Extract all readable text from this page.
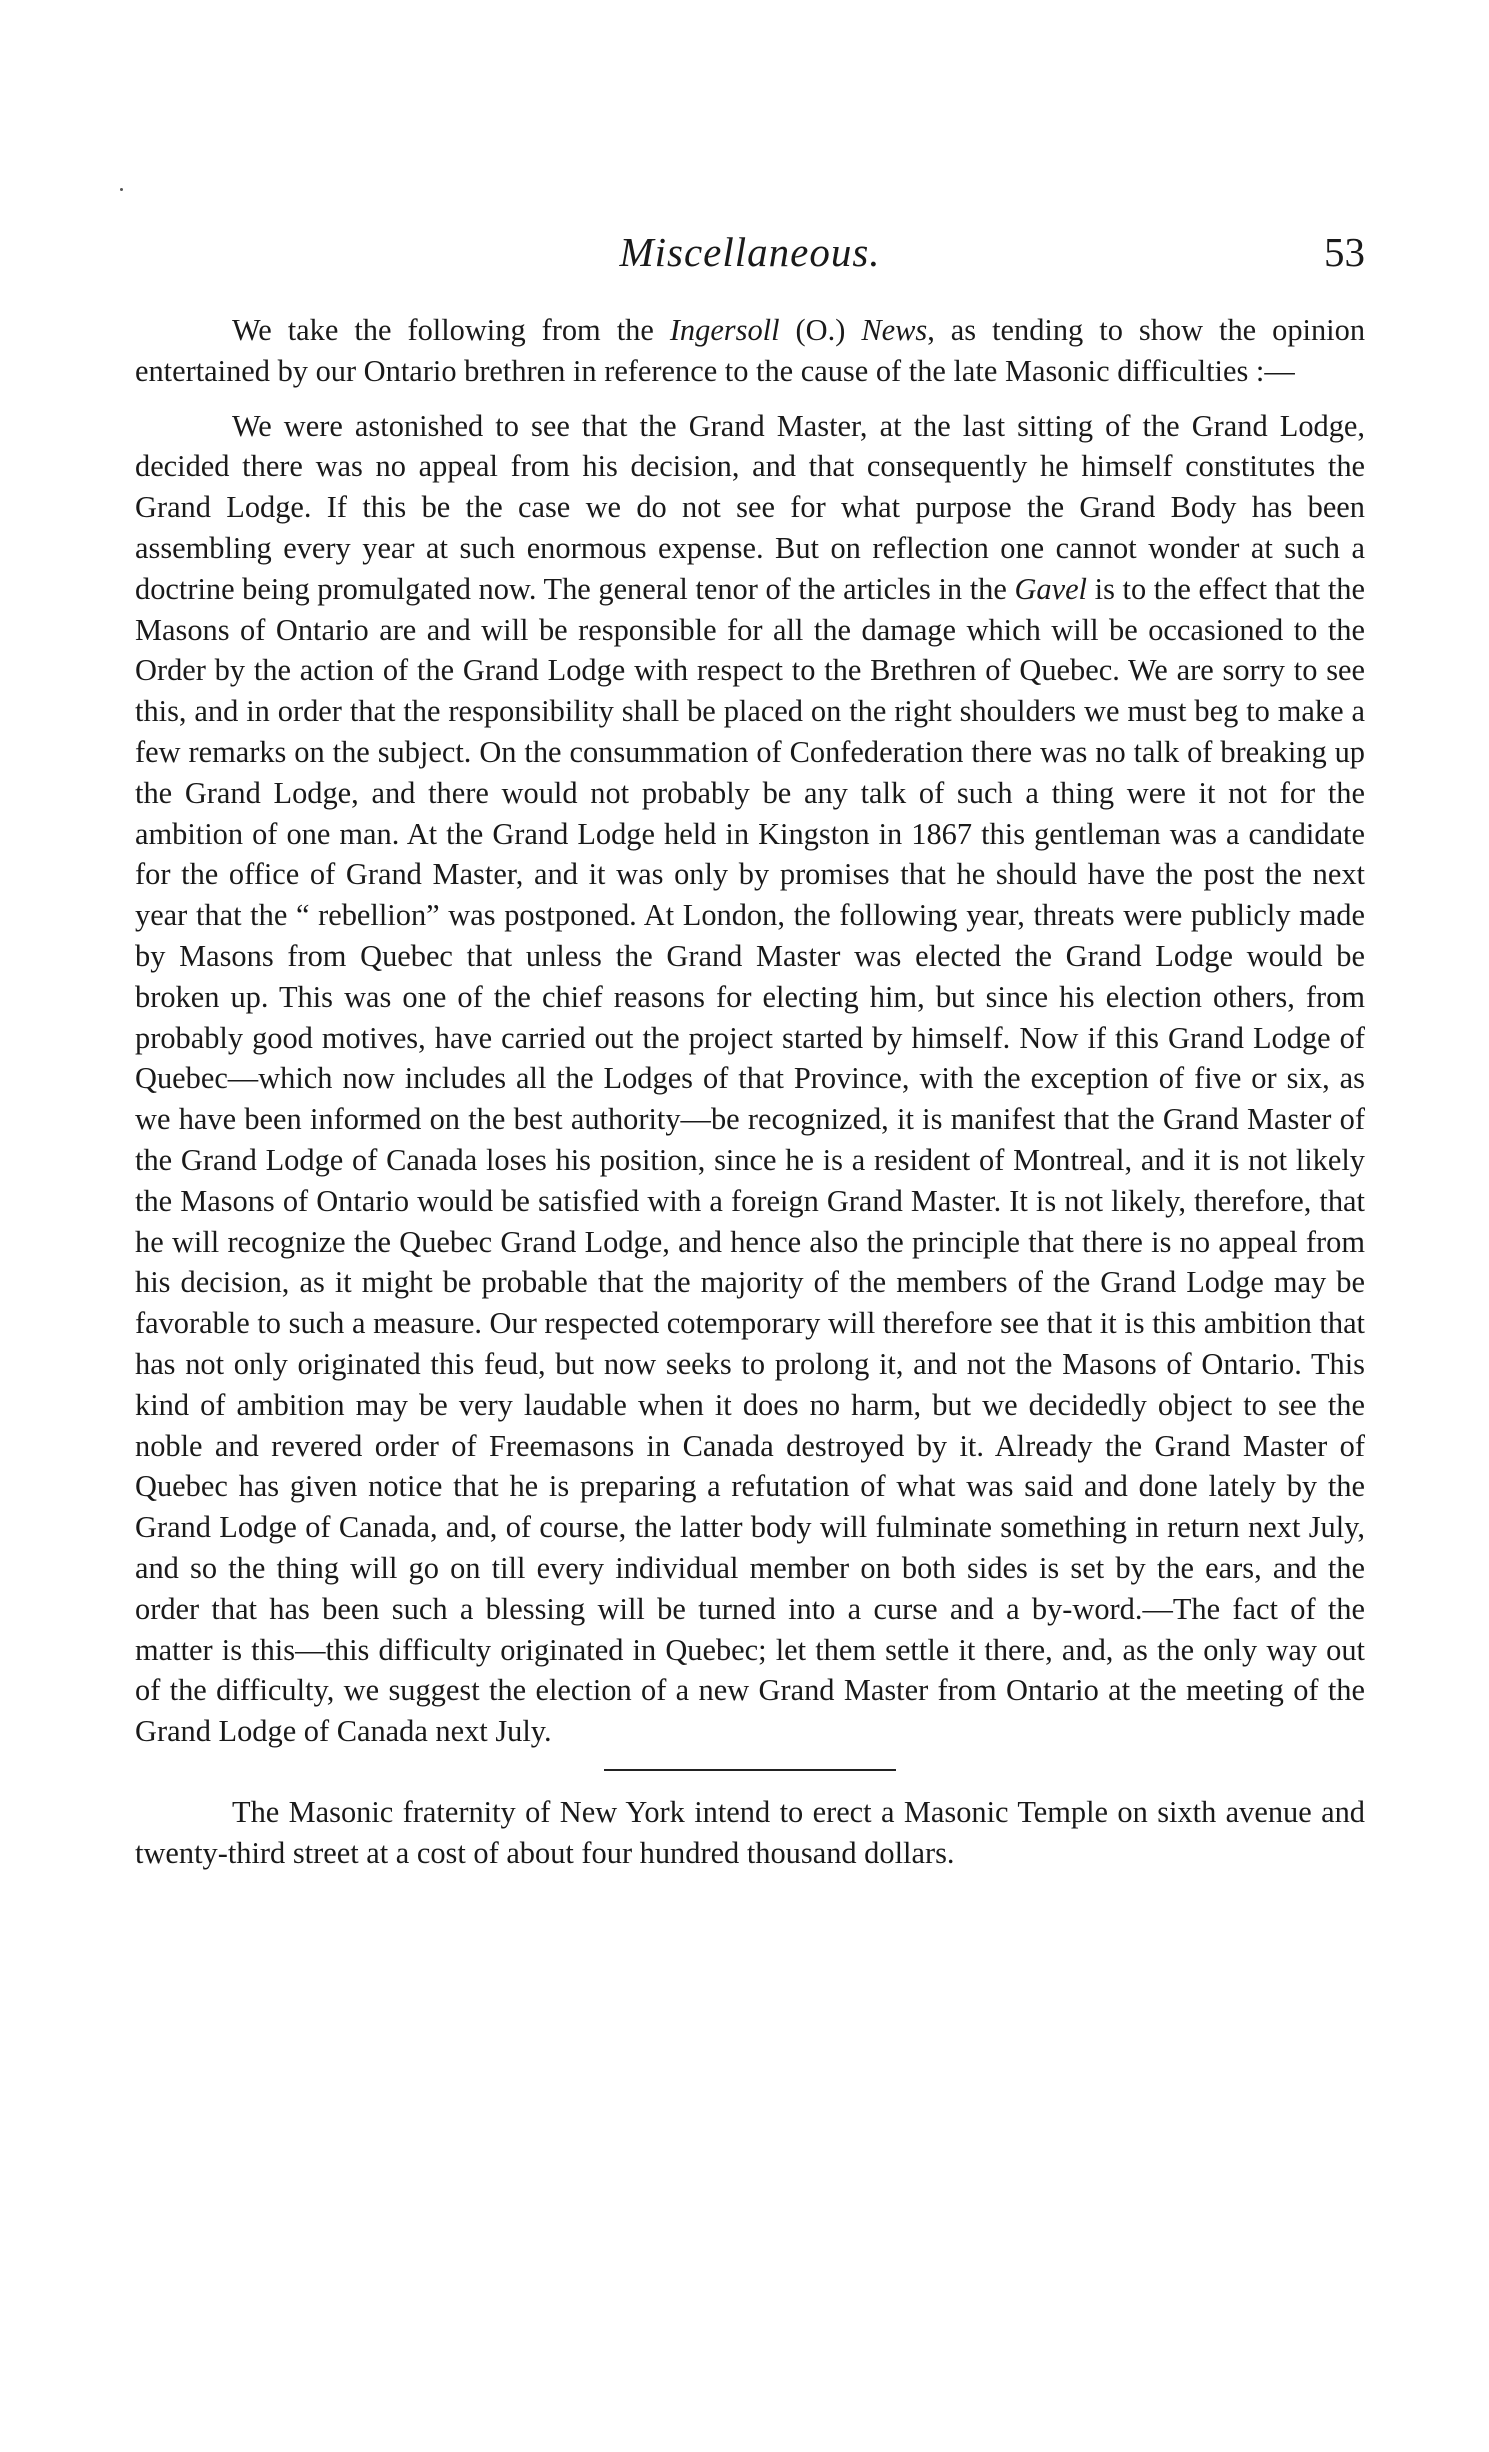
Miscellaneous.	53

We take the following from the Ingersoll (O.) News, as tending to show the opinion entertained by our Ontario brethren in reference to the cause of the late Masonic difficulties :—

We were astonished to see that the Grand Master, at the last sitting of the Grand Lodge, decided there was no appeal from his decision, and that consequently he himself constitutes the Grand Lodge. If this be the case we do not see for what purpose the Grand Body has been assembling every year at such enormous expense. But on reflection one cannot wonder at such a doctrine being promulgated now. The general tenor of the articles in the Gavel is to the effect that the Masons of Ontario are and will be responsible for all the damage which will be occasioned to the Order by the action of the Grand Lodge with respect to the Brethren of Quebec. We are sorry to see this, and in order that the responsibility shall be placed on the right shoulders we must beg to make a few remarks on the subject. On the consummation of Confederation there was no talk of breaking up the Grand Lodge, and there would not probably be any talk of such a thing were it not for the ambition of one man. At the Grand Lodge held in Kingston in 1867 this gentleman was a candidate for the office of Grand Master, and it was only by promises that he should have the post the next year that the “ rebellion” was postponed. At London, the following year, threats were publicly made by Masons from Quebec that unless the Grand Master was elected the Grand Lodge would be broken up. This was one of the chief reasons for electing him, but since his election others, from probably good motives, have carried out the project started by himself. Now if this Grand Lodge of Quebec—which now includes all the Lodges of that Province, with the exception of five or six, as we have been informed on the best authority—be recognized, it is manifest that the Grand Master of the Grand Lodge of Canada loses his position, since he is a resident of Montreal, and it is not likely the Masons of Ontario would be satisfied with a foreign Grand Master. It is not likely, therefore, that he will recognize the Quebec Grand Lodge, and hence also the principle that there is no appeal from his decision, as it might be probable that the majority of the members of the Grand Lodge may be favorable to such a measure. Our respected cotemporary will therefore see that it is this ambition that has not only originated this feud, but now seeks to prolong it, and not the Masons of Ontario. This kind of ambition may be very laudable when it does no harm, but we decidedly object to see the noble and revered order of Freemasons in Canada destroyed by it. Already the Grand Master of Quebec has given notice that he is preparing a refutation of what was said and done lately by the Grand Lodge of Canada, and, of course, the latter body will fulminate something in return next July, and so the thing will go on till every individual member on both sides is set by the ears, and the order that has been such a blessing will be turned into a curse and a by-word.—The fact of the matter is this—this difficulty originated in Quebec; let them settle it there, and, as the only way out of the difficulty, we suggest the election of a new Grand Master from Ontario at the meeting of the Grand Lodge of Canada next July.

The Masonic fraternity of New York intend to erect a Masonic Temple on sixth avenue and twenty-third street at a cost of about four hundred thousand dollars.
